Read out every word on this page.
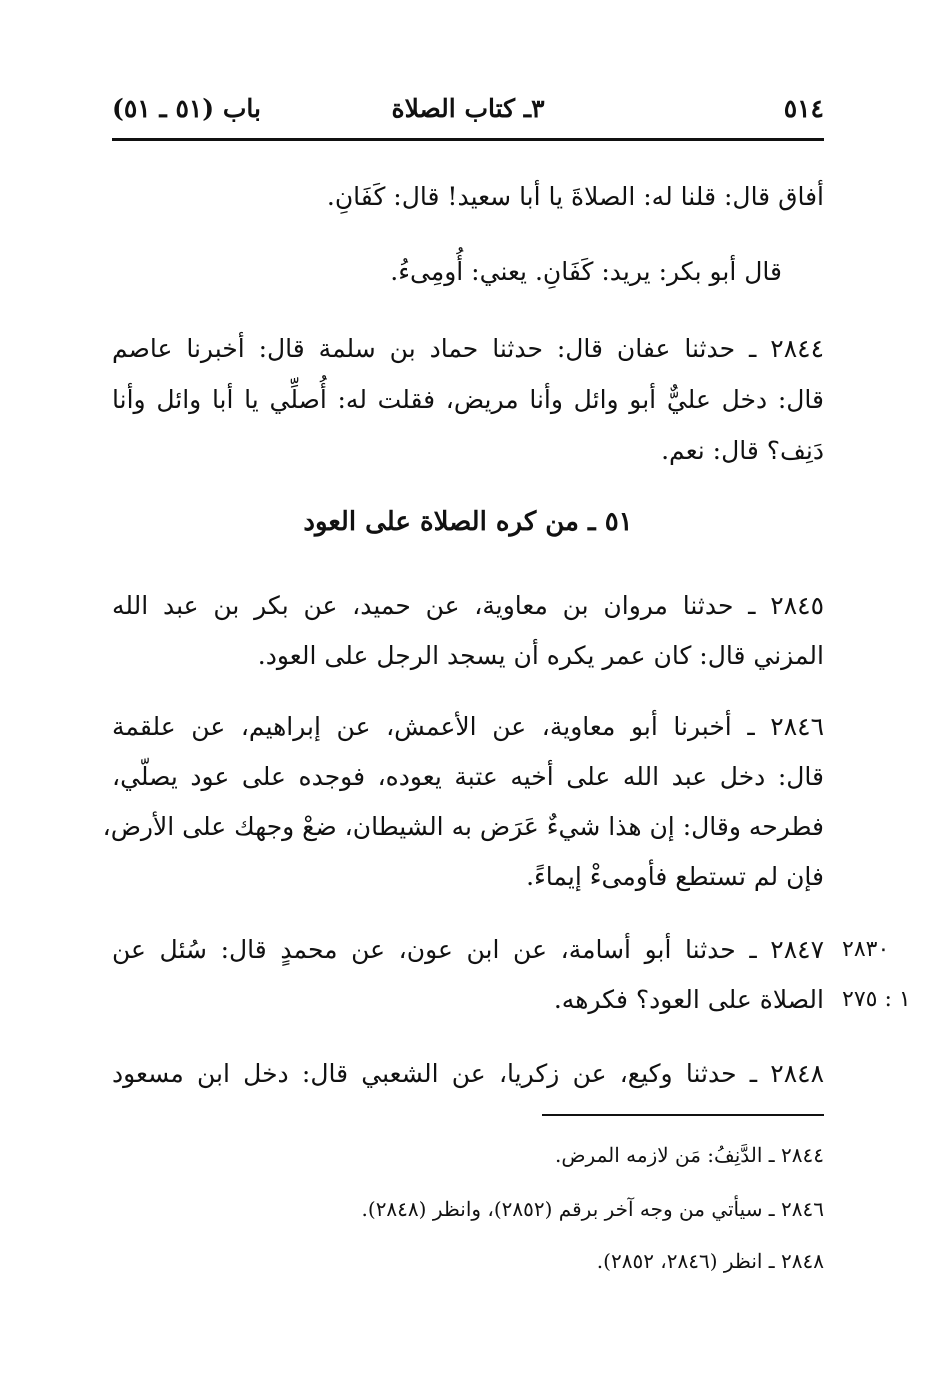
٥١٤
٣ـ كتاب الصلاة
باب (٥١ ـ ٥١)
أفاق قال: قلنا له: الصلاةَ يا أبا سعيد! قال: كَفَانِ.
قال أبو بكر: يريد: كَفَانِ. يعني: أُومِىءُ.
٢٨٤٤ ـ حدثنا عفان قال: حدثنا حماد بن سلمة قال: أخبرنا عاصم
قال: دخل عليٌّ أبو وائل وأنا مريض، فقلت له: أُصلِّي يا أبا وائل وأنا
دَنِف؟ قال: نعم.
٥١ ـ من كره الصلاة على العود
٢٨٤٥ ـ حدثنا مروان بن معاوية، عن حميد، عن بكر بن عبد الله
المزني قال: كان عمر يكره أن يسجد الرجل على العود.
٢٨٤٦ ـ أخبرنا أبو معاوية، عن الأعمش، عن إبراهيم، عن علقمة
قال: دخل عبد الله على أخيه عتبة يعوده، فوجده على عود يصلّي،
فطرحه وقال: إن هذا شيءٌ عَرَض به الشيطان، ضعْ وجهك على الأرض،
فإن لم تستطع فأومىءْ إيماءً.
٢٨٤٧ ـ حدثنا أبو أسامة، عن ابن عون، عن محمدٍ قال: سُئل عن
الصلاة على العود؟ فكرهه.
٢٨٣٠
١ : ٢٧٥
٢٨٤٨ ـ حدثنا وكيع، عن زكريا، عن الشعبي قال: دخل ابن مسعود
٢٨٤٤ ـ الدَّنِفُ: مَن لازمه المرض.
٢٨٤٦ ـ سيأتي من وجه آخر برقم (٢٨٥٢)، وانظر (٢٨٤٨).
٢٨٤٨ ـ انظر (٢٨٤٦، ٢٨٥٢).
